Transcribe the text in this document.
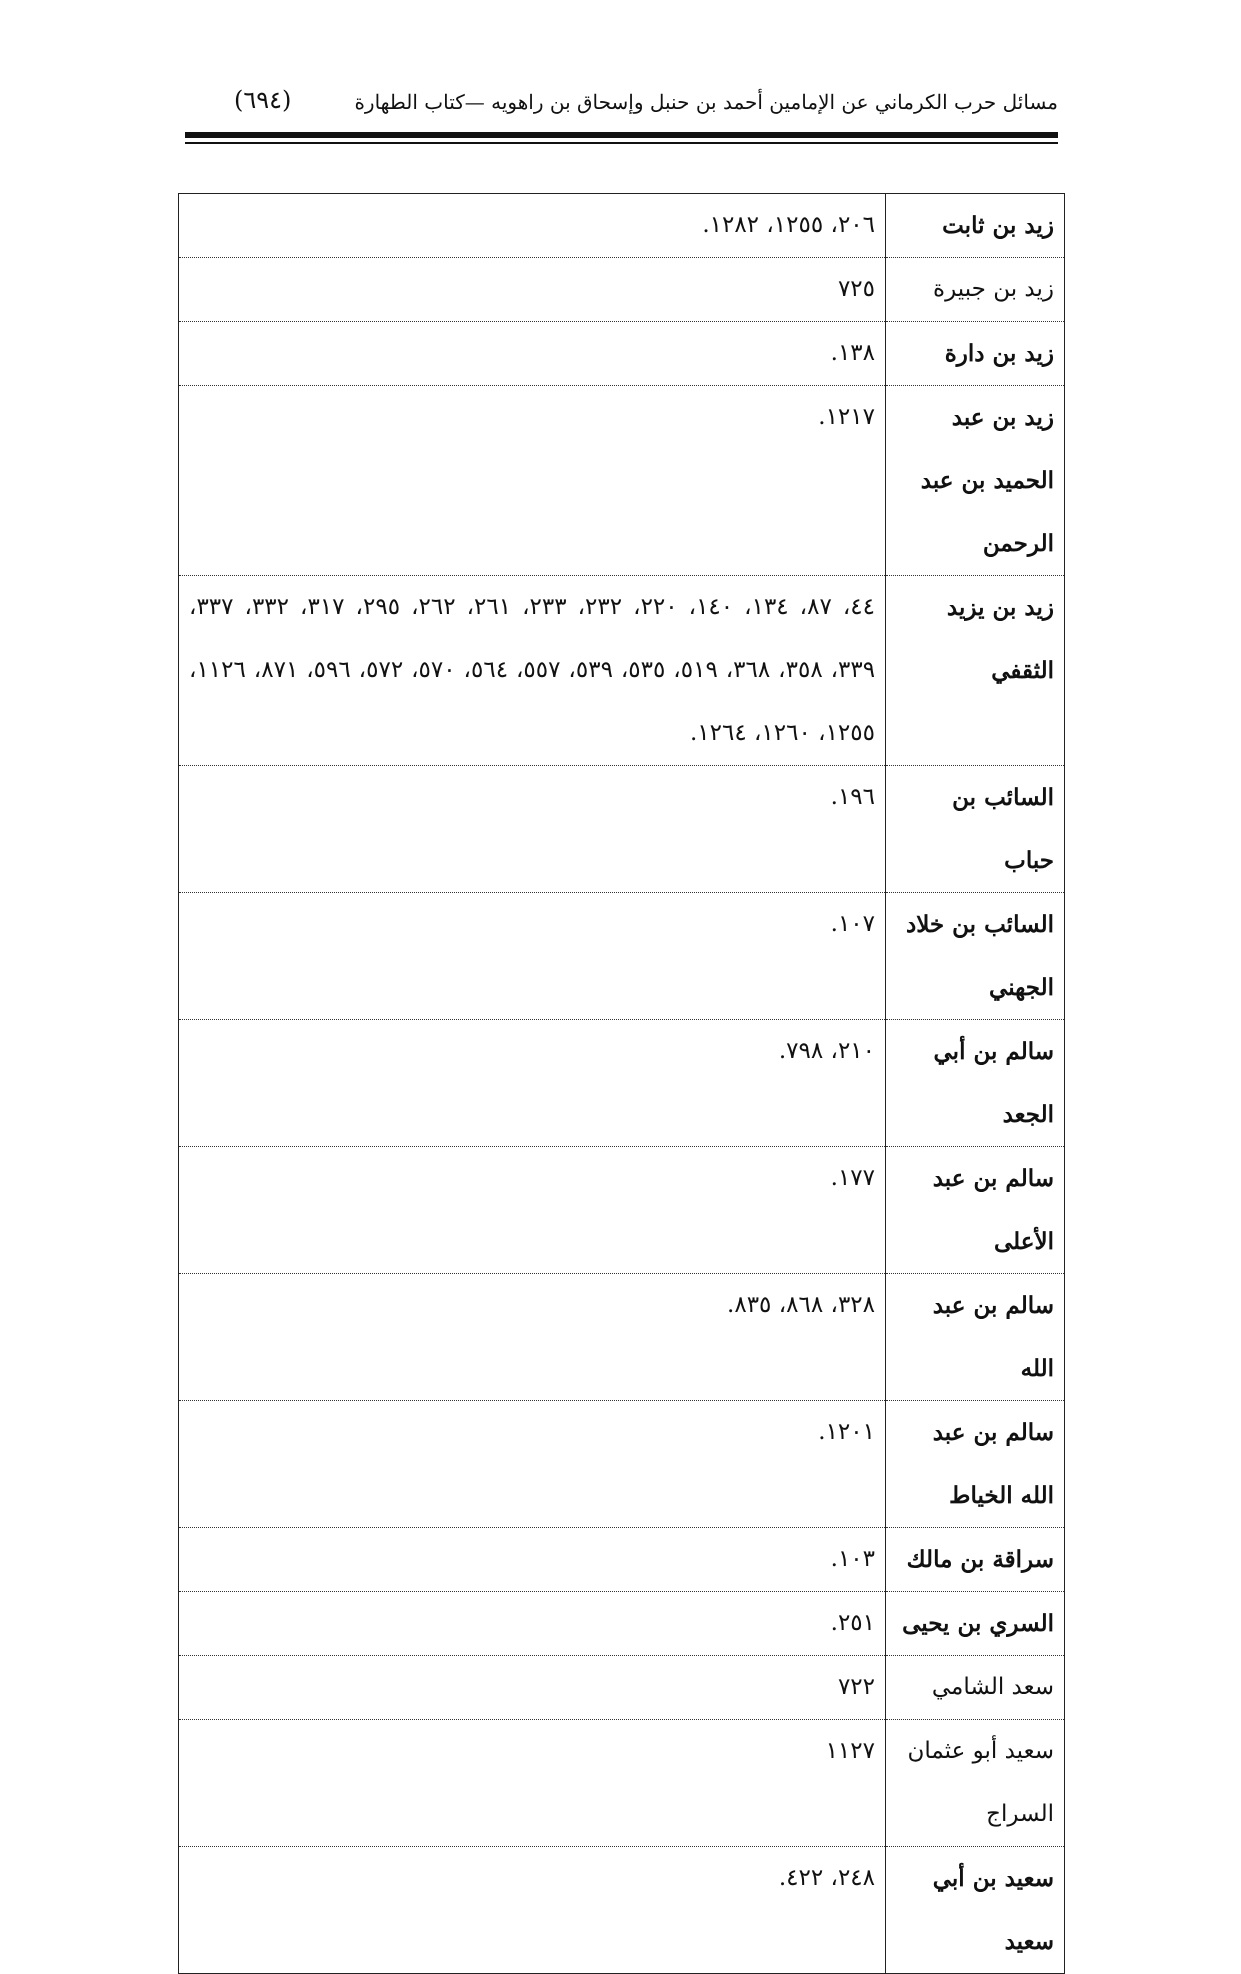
مسائل حرب الكرماني عن الإمامين أحمد بن حنبل وإسحاق بن راهويه —كتاب الطهارة
(٦٩٤)
زيد بن ثابت	٢٠٦، ١٢٥٥، ١٢٨٢.
زيد بن جبيرة	٧٢٥
زيد بن دارة	١٣٨.
زيد بن عبد الحميد بن عبد الرحمن	١٢١٧.
زيد بن يزيد الثقفي	٤٤، ٨٧، ١٣٤، ١٤٠، ٢٢٠، ٢٣٢، ٢٣٣، ٢٦١، ٢٦٢، ٢٩٥، ٣١٧، ٣٣٢، ٣٣٧، ٣٣٩، ٣٥٨، ٣٦٨، ٥١٩، ٥٣٥، ٥٣٩، ٥٥٧، ٥٦٤، ٥٧٠، ٥٧٢، ٥٩٦، ٨٧١، ١١٢٦، ١٢٥٥، ١٢٦٠، ١٢٦٤.
السائب بن حباب	١٩٦.
السائب بن خلاد الجهني	١٠٧.
سالم بن أبي الجعد	٢١٠، ٧٩٨.
سالم بن عبد الأعلى	١٧٧.
سالم بن عبد الله	٣٢٨، ٨٦٨، ٨٣٥.
سالم بن عبد الله الخياط	١٢٠١.
سراقة بن مالك	١٠٣.
السري بن يحيى	٢٥١.
سعد الشامي	٧٢٢
سعيد أبو عثمان السراج	١١٢٧
سعيد بن أبي سعيد	٢٤٨، ٤٢٢.
